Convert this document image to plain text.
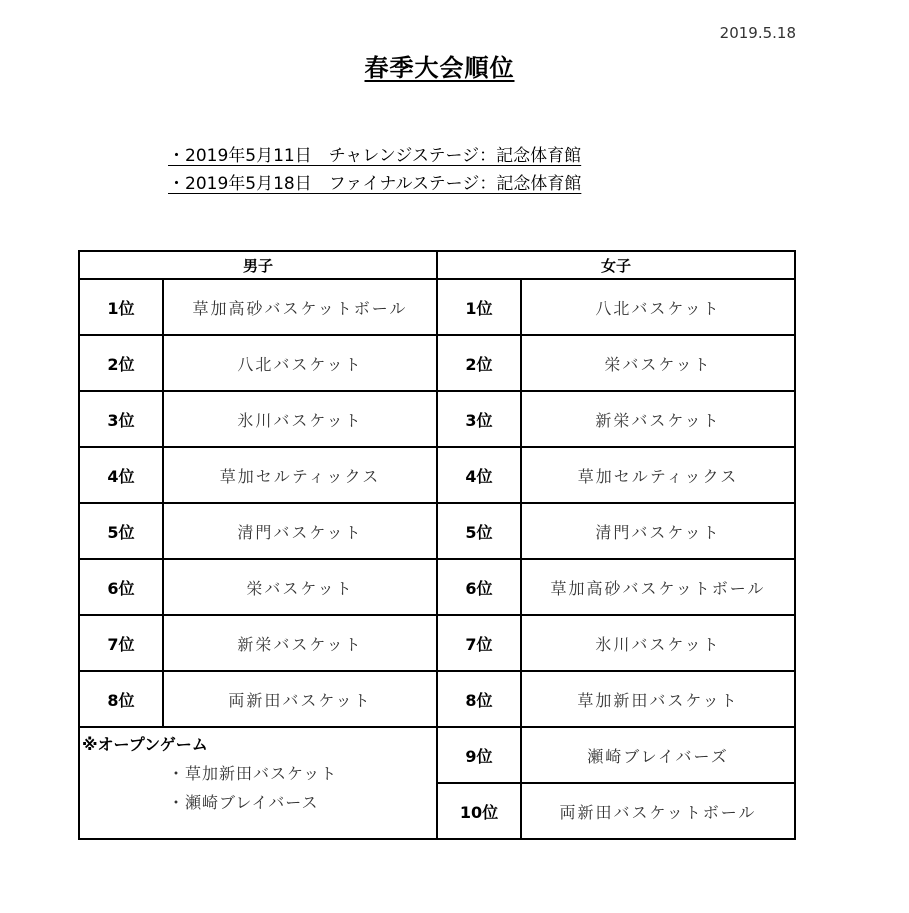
2019.5.18
春季大会順位
・2019年5月11日　チャレンジステージ：記念体育館
・2019年5月18日　ファイナルステージ：記念体育館
男子		女子	
1位	草加高砂バスケットボール	1位	八北バスケット
2位	八北バスケット	2位	栄バスケット
3位	氷川バスケット	3位	新栄バスケット
4位	草加セルティックス	4位	草加セルティックス
5位	清門バスケット	5位	清門バスケット
6位	栄バスケット	6位	草加高砂バスケットボール
7位	新栄バスケット	7位	氷川バスケット
8位	両新田バスケット	8位	草加新田バスケット

※オープンゲーム
・草加新田バスケット
・瀬崎ブレイバース		9位	瀬崎ブレイバーズ
		10位	両新田バスケットボール
